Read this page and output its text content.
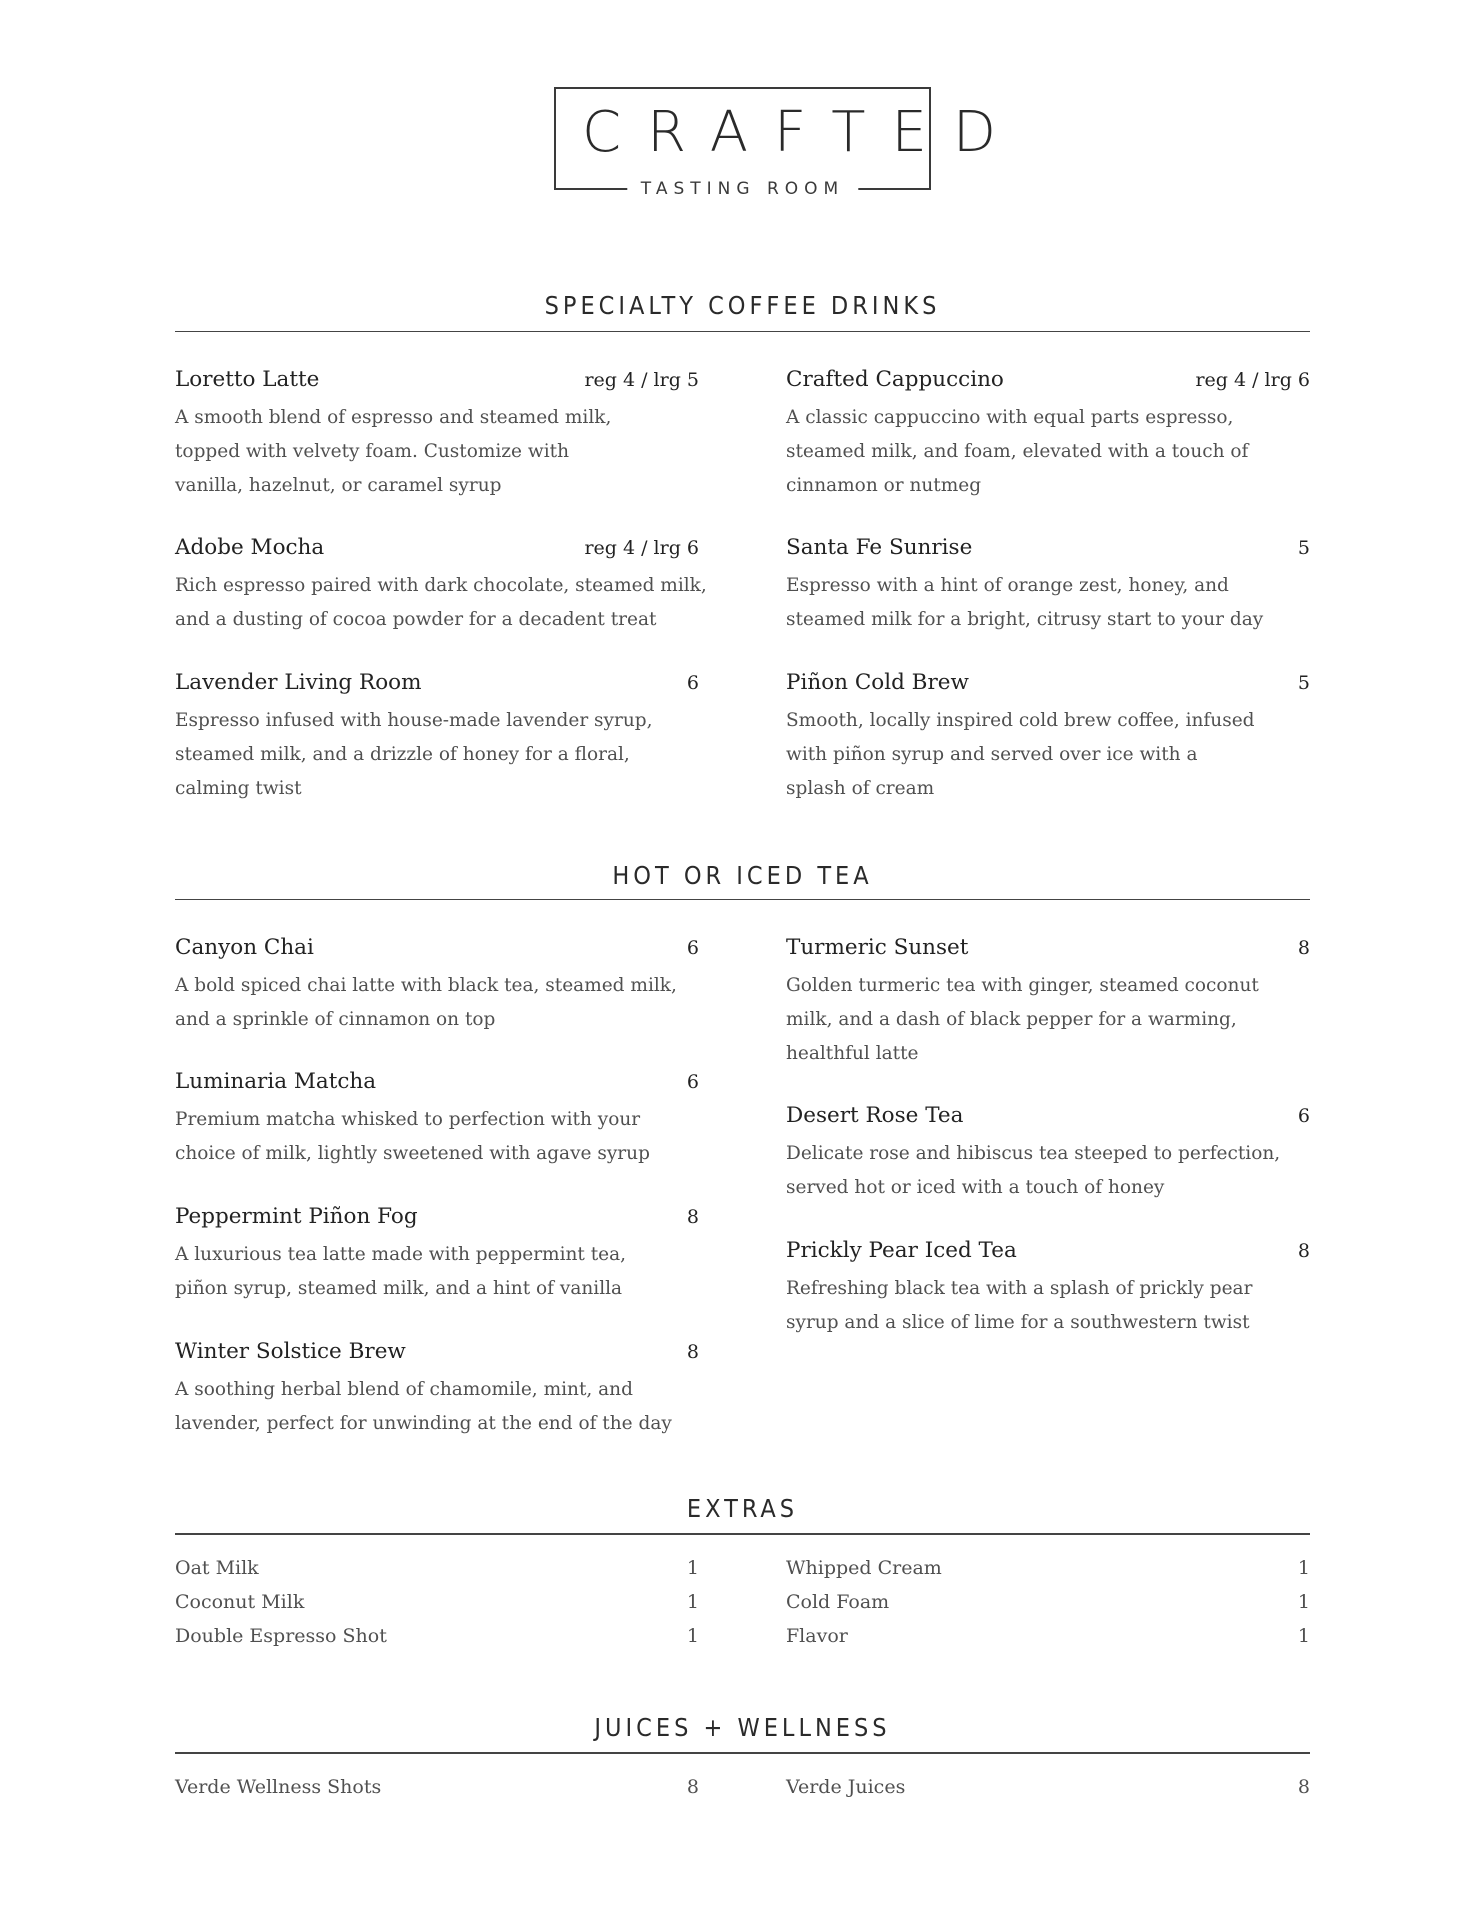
CRAFTED
TASTING ROOM
SPECIALTY COFFEE DRINKS
Loretto Latte	reg 4 / lrg 5
A smooth blend of espresso and steamed milk,
topped with velvety foam. Customize with
vanilla, hazelnut, or caramel syrup
Adobe Mocha	reg 4 / lrg 6
Rich espresso paired with dark chocolate, steamed milk,
and a dusting of cocoa powder for a decadent treat
Lavender Living Room	6
Espresso infused with house-made lavender syrup,
steamed milk, and a drizzle of honey for a floral,
calming twist
Crafted Cappuccino	reg 4 / lrg 6
A classic cappuccino with equal parts espresso,
steamed milk, and foam, elevated with a touch of
cinnamon or nutmeg
Santa Fe Sunrise	5
Espresso with a hint of orange zest, honey, and
steamed milk for a bright, citrusy start to your day
Piñon Cold Brew	5
Smooth, locally inspired cold brew coffee, infused
with piñon syrup and served over ice with a
splash of cream
HOT OR ICED TEA
Canyon Chai	6
A bold spiced chai latte with black tea, steamed milk,
and a sprinkle of cinnamon on top
Luminaria Matcha	6
Premium matcha whisked to perfection with your
choice of milk, lightly sweetened with agave syrup
Peppermint Piñon Fog	8
A luxurious tea latte made with peppermint tea,
piñon syrup, steamed milk, and a hint of vanilla
Winter Solstice Brew	8
A soothing herbal blend of chamomile, mint, and
lavender, perfect for unwinding at the end of the day
Turmeric Sunset	8
Golden turmeric tea with ginger, steamed coconut
milk, and a dash of black pepper for a warming,
healthful latte
Desert Rose Tea	6
Delicate rose and hibiscus tea steeped to perfection,
served hot or iced with a touch of honey
Prickly Pear Iced Tea	8
Refreshing black tea with a splash of prickly pear
syrup and a slice of lime for a southwestern twist
EXTRAS
Oat Milk	1
Coconut Milk	1
Double Espresso Shot	1
Whipped Cream	1
Cold Foam	1
Flavor	1
JUICES + WELLNESS
Verde Wellness Shots	8	Verde Juices	8
